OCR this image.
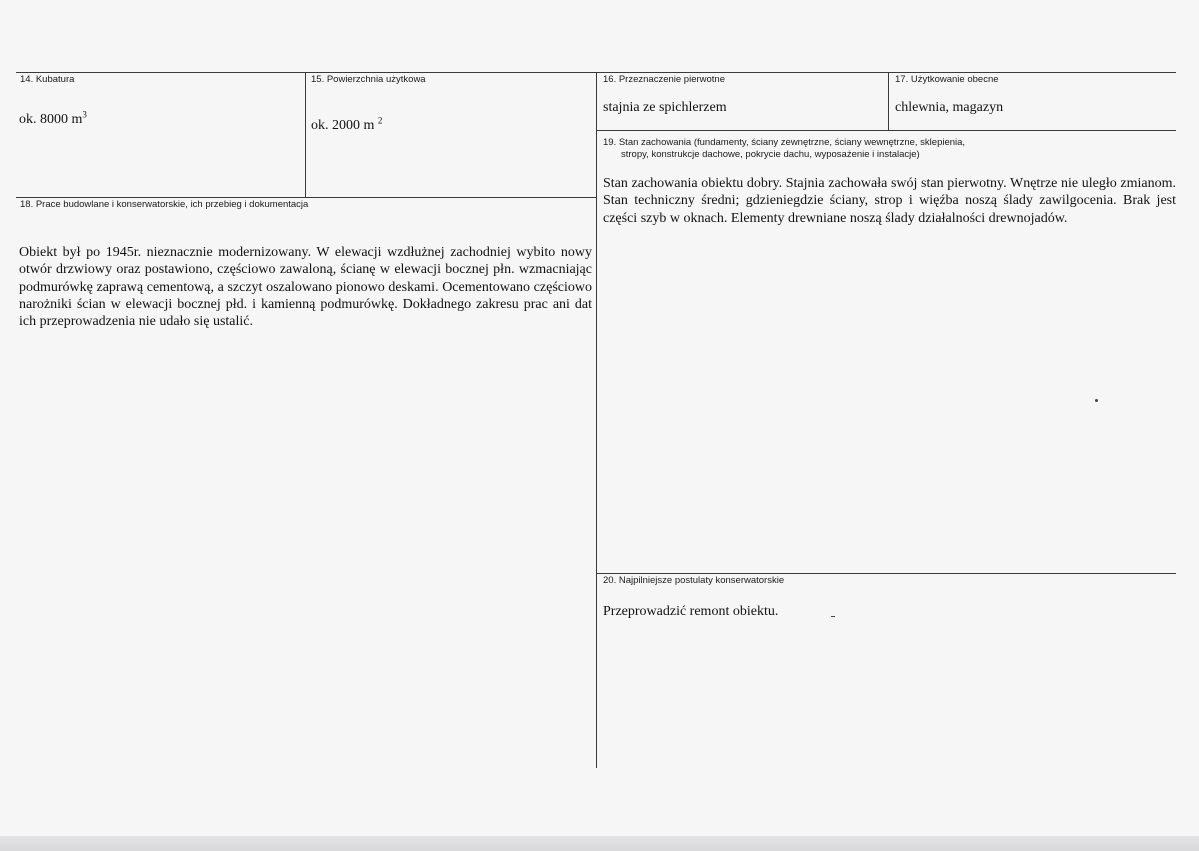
14. Kubatura
ok. 8000 $m^3$
15. Powierzchnia użytkowa
ok. 2000 m $^2$
16. Przeznaczenie pierwotne
stajnia ze spichlerzem
17. Użytkowanie obecne
chlewnia, magazyn
19. Stan zachowania (fundamenty, ściany zewnętrzne, ściany wewnętrzne, sklepienia,
stropy, konstrukcje dachowe, pokrycie dachu, wyposażenie i instalacje)
Stan zachowania obiektu dobry. Stajnia zachowała swój stan pierwotny. Wnętrze nie uległo zmianom. Stan techniczny średni; gdzieniegdzie ściany, strop i więźba noszą ślady zawilgocenia. Brak jest części szyb w oknach. Elementy drewniane noszą ślady działalności drewnojadów.
18. Prace budowlane i konserwatorskie, ich przebieg i dokumentacja
Obiekt był po 1945r. nieznacznie modernizowany. W elewacji wzdłużnej zachodniej wybito nowy otwór drzwiowy oraz postawiono, częściowo zawaloną, ścianę w elewacji bocznej płn. wzmacniając podmurówkę zaprawą cementową, a szczyt oszalowano pionowo deskami. Ocementowano częściowo narożniki ścian w elewacji bocznej płd. i kamienną podmurówkę. Dokładnego zakresu prac ani dat ich przeprowadzenia nie udało się ustalić.
20. Najpilniejsze postulaty konserwatorskie
Przeprowadzić remont obiektu.
